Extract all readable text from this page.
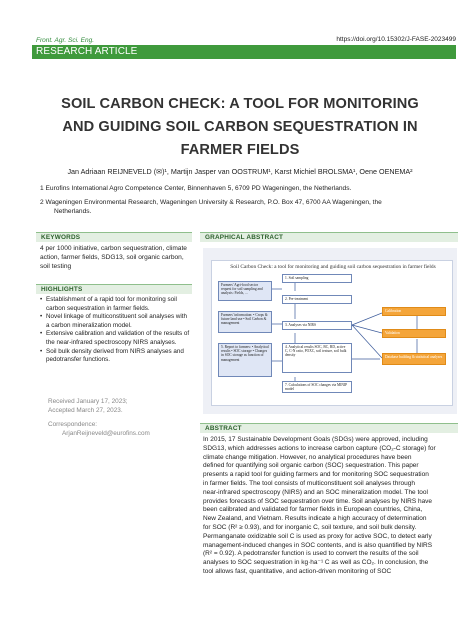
Front. Agr. Sci. Eng.	https://doi.org/10.15302/J-FASE-2023499
RESEARCH ARTICLE
SOIL CARBON CHECK: A TOOL FOR MONITORING
AND GUIDING SOIL CARBON SEQUESTRATION IN
FARMER FIELDS
Jan Adriaan REIJNEVELD (✉)¹, Martijn Jasper van OOSTRUM¹, Karst Michiel BROLSMA¹, Oene OENEMA²
1 Eurofins International Agro Competence Center, Binnenhaven 5, 6709 PD Wageningen, the Netherlands.
2 Wageningen Environmental Research, Wageningen University & Research, P.O. Box 47, 6700 AA Wageningen, the
Netherlands.
KEYWORDS
4 per 1000 initiative, carbon sequestration, climate action, farmer fields, SDG13, soil organic carbon, soil testing
HIGHLIGHTS
• Establishment of a rapid tool for monitoring soil carbon sequestration in farmer fields.
• Novel linkage of multiconstituent soil analyses with a carbon mineralization model.
• Extensive calibration and validation of the results of the near-infrared spectroscopy NIRS analyses.
• Soil bulk density derived from NIRS analyses and pedotransfer functions.
Received January 17, 2023;
Accepted March 27, 2023.
Correspondence:
ArjanReijneveld@eurofins.com
GRAPHICAL ABSTRACT
Soil Carbon Check: a tool for monitoring and guiding soil carbon sequestration in farmer fields
1. Soil sampling
2. Pre-treatment
3. Analyses via NIRS
4. Analytical results SOC, BC, BD, active C, C-N ratio, POXC, soil texture, soil bulk density
5. Report to farmers: • Analytical results • SOC storage • Changes in SOC storage as function of management
7. Calculations of SOC changes via MINIP model
Farmers' Agri-food sector request for soil sampling and analysis: Fields, ...
Farmers' information: • Crops & future land use • Soil Carbon & management
Calibration
Validation
Database building & statistical analyses
ABSTRACT
In 2015, 17 Sustainable Development Goals (SDGs) were approved, including
SDG13, which addresses actions to increase carbon capture (CO₂-C storage) for
climate change mitigation. However, no analytical procedures have been
defined for quantifying soil organic carbon (SOC) sequestration. This paper
presents a rapid tool for guiding farmers and for monitoring SOC sequestration
in farmer fields. The tool consists of multiconstituent soil analyses through
near-infrared spectroscopy (NIRS) and an SOC mineralization model. The tool
provides forecasts of SOC sequestration over time. Soil analyses by NIRS have
been calibrated and validated for farmer fields in European countries, China,
New Zealand, and Vietnam. Results indicate a high accuracy of determination
for SOC (R² ≥ 0.93), and for inorganic C, soil texture, and soil bulk density.
Permanganate oxidizable soil C is used as proxy for active SOC, to detect early
management-induced changes in SOC contents, and is also quantified by NIRS
(R² = 0.92). A pedotransfer function is used to convert the results of the soil
analyses to SOC sequestration in kg·ha⁻¹ C as well as CO₂. In conclusion, the
tool allows fast, quantitative, and action-driven monitoring of SOC
